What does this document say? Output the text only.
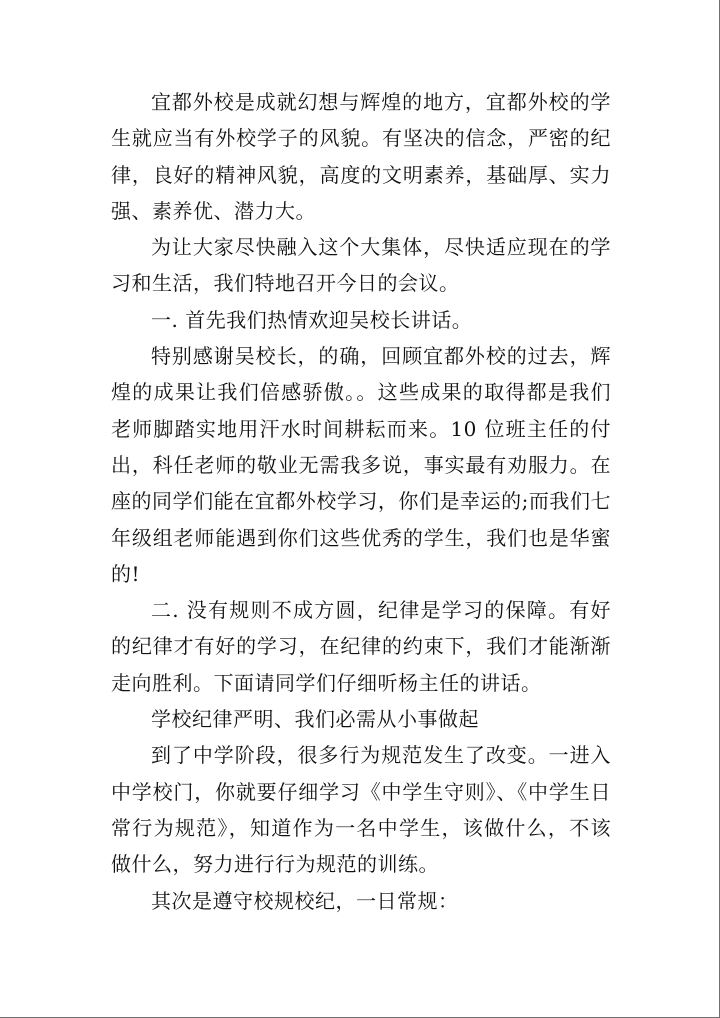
宜都外校是成就幻想与辉煌的地方，宜都外校的学生就应当有外校学子的风貌。有坚决的信念，严密的纪律，良好的精神风貌，高度的文明素养，基础厚、实力强、素养优、潜力大。

为让大家尽快融入这个大集体，尽快适应现在的学习和生活，我们特地召开今日的会议。

一. 首先我们热情欢迎吴校长讲话。

特别感谢吴校长，的确，回顾宜都外校的过去，辉煌的成果让我们倍感骄傲。。这些成果的取得都是我们老师脚踏实地用汗水时间耕耘而来。10 位班主任的付出，科任老师的敬业无需我多说，事实最有劝服力。在座的同学们能在宜都外校学习，你们是幸运的;而我们七年级组老师能遇到你们这些优秀的学生，我们也是华蜜的!

二. 没有规则不成方圆，纪律是学习的保障。有好的纪律才有好的学习，在纪律的约束下，我们才能渐渐走向胜利。下面请同学们仔细听杨主任的讲话。

学校纪律严明、我们必需从小事做起

到了中学阶段，很多行为规范发生了改变。一进入中学校门，你就要仔细学习《中学生守则》、《中学生日常行为规范》，知道作为一名中学生，该做什么，不该做什么，努力进行行为规范的训练。

其次是遵守校规校纪，一日常规：
